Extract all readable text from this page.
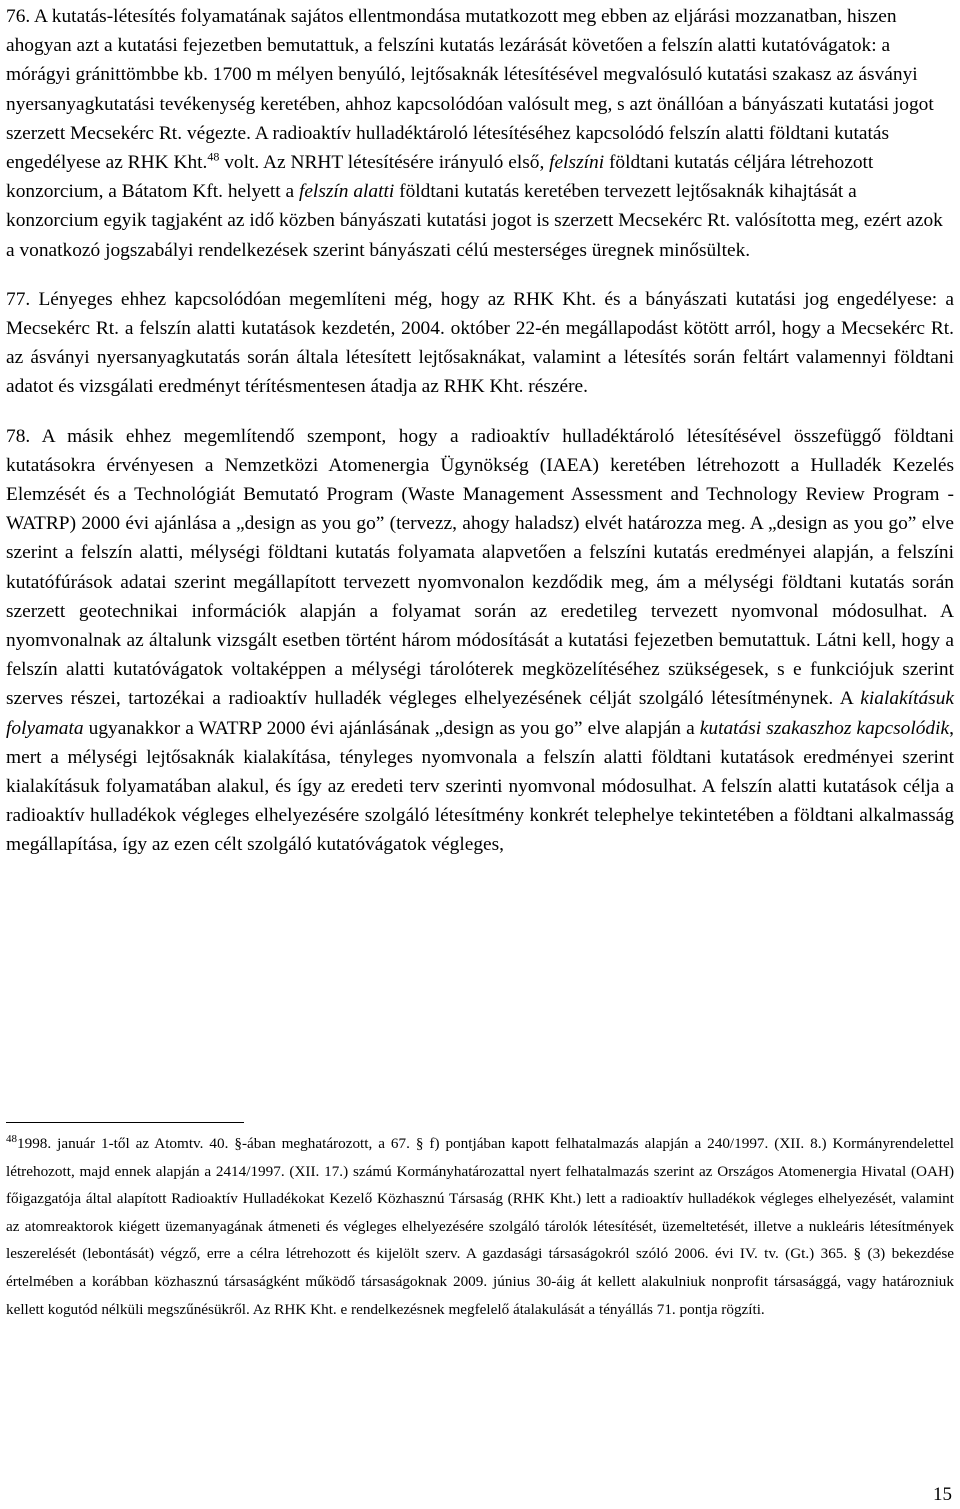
76. A kutatás-létesítés folyamatának sajátos ellentmondása mutatkozott meg ebben az eljárási mozzanatban, hiszen ahogyan azt a kutatási fejezetben bemutattuk, a felszíni kutatás lezárását követően a felszín alatti kutatóvágatok: a mórágyi gránittömbbe kb. 1700 m mélyen benyúló, lejtősaknák létesítésével megvalósuló kutatási szakasz az ásványi nyersanyagkutatási tevékenység keretében, ahhoz kapcsolódóan valósult meg, s azt önállóan a bányászati kutatási jogot szerzett Mecsekérc Rt. végezte. A radioaktív hulladéktároló létesítéséhez kapcsolódó felszín alatti földtani kutatás engedélyese az RHK Kht.$^{48}$ volt. Az NRHT létesítésére irányuló első, felszíni földtani kutatás céljára létrehozott konzorcium, a Bátatom Kft. helyett a felszín alatti földtani kutatás keretében tervezett lejtősaknák kihajtását a konzorcium egyik tagjaként az idő közben bányászati kutatási jogot is szerzett Mecsekérc Rt. valósította meg, ezért azok a vonatkozó jogszabályi rendelkezések szerint bányászati célú mesterséges üregnek minősültek.

77. Lényeges ehhez kapcsolódóan megemlíteni még, hogy az RHK Kht. és a bányászati kutatási jog engedélyese: a Mecsekérc Rt. a felszín alatti kutatások kezdetén, 2004. október 22-én megállapodást kötött arról, hogy a Mecsekérc Rt. az ásványi nyersanyagkutatás során általa létesített lejtősaknákat, valamint a létesítés során feltárt valamennyi földtani adatot és vizsgálati eredményt térítésmentesen átadja az RHK Kht. részére.

78. A másik ehhez megemlítendő szempont, hogy a radioaktív hulladéktároló létesítésével összefüggő földtani kutatásokra érvényesen a Nemzetközi Atomenergia Ügynökség (IAEA) keretében létrehozott a Hulladék Kezelés Elemzését és a Technológiát Bemutató Program (Waste Management Assessment and Technology Review Program - WATRP) 2000 évi ajánlása a „design as you go” (tervezz, ahogy haladsz) elvét határozza meg. A „design as you go” elve szerint a felszín alatti, mélységi földtani kutatás folyamata alapvetően a felszíni kutatás eredményei alapján, a felszíni kutatófúrások adatai szerint megállapított tervezett nyomvonalon kezdődik meg, ám a mélységi földtani kutatás során szerzett geotechnikai információk alapján a folyamat során az eredetileg tervezett nyomvonal módosulhat. A nyomvonalnak az általunk vizsgált esetben történt három módosítását a kutatási fejezetben bemutattuk. Látni kell, hogy a felszín alatti kutatóvágatok voltaképpen a mélységi tárolóterek megközelítéséhez szükségesek, s e funkciójuk szerint szerves részei, tartozékai a radioaktív hulladék végleges elhelyezésének célját szolgáló létesítménynek. A kialakításuk folyamata ugyanakkor a WATRP 2000 évi ajánlásának „design as you go” elve alapján a kutatási szakaszhoz kapcsolódik, mert a mélységi lejtősaknák kialakítása, tényleges nyomvonala a felszín alatti földtani kutatások eredményei szerint kialakításuk folyamatában alakul, és így az eredeti terv szerinti nyomvonal módosulhat. A felszín alatti kutatások célja a radioaktív hulladékok végleges elhelyezésére szolgáló létesítmény konkrét telephelye tekintetében a földtani alkalmasság megállapítása, így az ezen célt szolgáló kutatóvágatok végleges,

$^{48}$1998. január 1-től az Atomtv. 40. §-ában meghatározott, a 67. § f) pontjában kapott felhatalmazás alapján a 240/1997. (XII. 8.) Kormányrendelettel létrehozott, majd ennek alapján a 2414/1997. (XII. 17.) számú Kormányhatározattal nyert felhatalmazás szerint az Országos Atomenergia Hivatal (OAH) főigazgatója által alapított Radioaktív Hulladékokat Kezelő Közhasznú Társaság (RHK Kht.) lett a radioaktív hulladékok végleges elhelyezését, valamint az atomreaktorok kiégett üzemanyagának átmeneti és végleges elhelyezésére szolgáló tárolók létesítését, üzemeltetését, illetve a nukleáris létesítmények leszerelését (lebontását) végző, erre a célra létrehozott és kijelölt szerv. A gazdasági társaságokról szóló 2006. évi IV. tv. (Gt.) 365. § (3) bekezdése értelmében a korábban közhasznú társaságként működő társaságoknak 2009. június 30-áig át kellett alakulniuk nonprofit társasággá, vagy határozniuk kellett kogutód nélküli megszűnésükről. Az RHK Kht. e rendelkezésnek megfelelő átalakulását a tényállás 71. pontja rögzíti.

15
